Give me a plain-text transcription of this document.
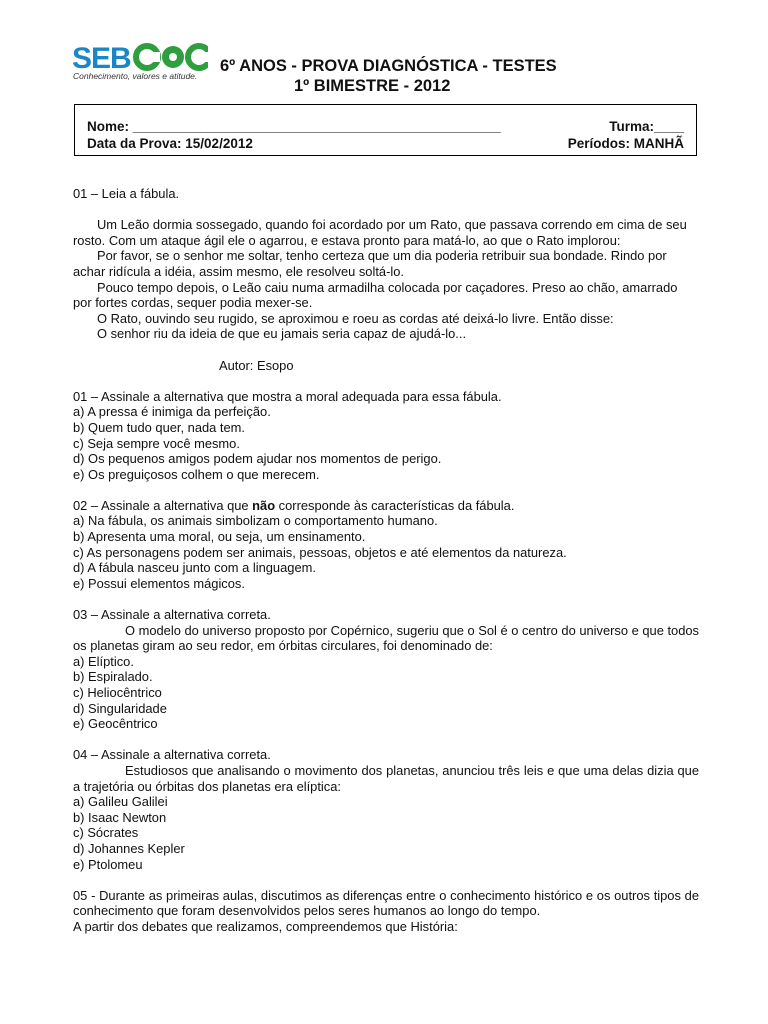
SEB
Conhecimento, valores e atitude.
6º ANOS - PROVA DIAGNÓSTICA - TESTES
1º BIMESTRE - 2012
Nome: _________________________________________________	Turma:____
Data da Prova: 15/02/2012	Períodos: MANHÃ

01 – Leia a fábula.

Um Leão dormia sossegado, quando foi acordado por um Rato, que passava correndo em cima de seu rosto. Com um ataque ágil ele o agarrou, e estava pronto para matá-lo, ao que o Rato implorou:

Por favor, se o senhor me soltar, tenho certeza que um dia poderia retribuir sua bondade. Rindo por achar ridícula a idéia, assim mesmo, ele resolveu soltá-lo.

Pouco tempo depois, o Leão caiu numa armadilha colocada por caçadores. Preso ao chão, amarrado por fortes cordas, sequer podia mexer-se.

O Rato, ouvindo seu rugido, se aproximou e roeu as cordas até deixá-lo livre. Então disse:

O senhor riu da ideia de que eu jamais seria capaz de ajudá-lo...

Autor: Esopo

01 – Assinale a alternativa que mostra a moral adequada para essa fábula.

a) A pressa é inimiga da perfeição.

b) Quem tudo quer, nada tem.

c) Seja sempre você mesmo.

d) Os pequenos amigos podem ajudar nos momentos de perigo.

e) Os preguiçosos colhem o que merecem.

02 – Assinale a alternativa que não corresponde às características da fábula.

a) Na fábula, os animais simbolizam o comportamento humano.

b) Apresenta uma moral, ou seja, um ensinamento.

c) As personagens podem ser animais, pessoas, objetos e até elementos da natureza.

d) A fábula nasceu junto com a linguagem.

e) Possui elementos mágicos.

03 – Assinale a alternativa correta.

O modelo do universo proposto por Copérnico, sugeriu que o Sol é o centro do universo e que todos os planetas giram ao seu redor, em órbitas circulares, foi denominado de:

a) Elíptico.

b) Espiralado.

c) Heliocêntrico

d) Singularidade

e) Geocêntrico

04 – Assinale a alternativa correta.

Estudiosos que analisando o movimento dos planetas, anunciou três leis e que uma delas dizia que a trajetória ou órbitas dos planetas era elíptica:

a) Galileu Galilei

b) Isaac Newton

c) Sócrates

d) Johannes Kepler

e) Ptolomeu

05 - Durante as primeiras aulas, discutimos as diferenças entre o conhecimento histórico e os outros tipos de conhecimento que foram desenvolvidos pelos seres humanos ao longo do tempo.

A partir dos debates que realizamos, compreendemos que História:
